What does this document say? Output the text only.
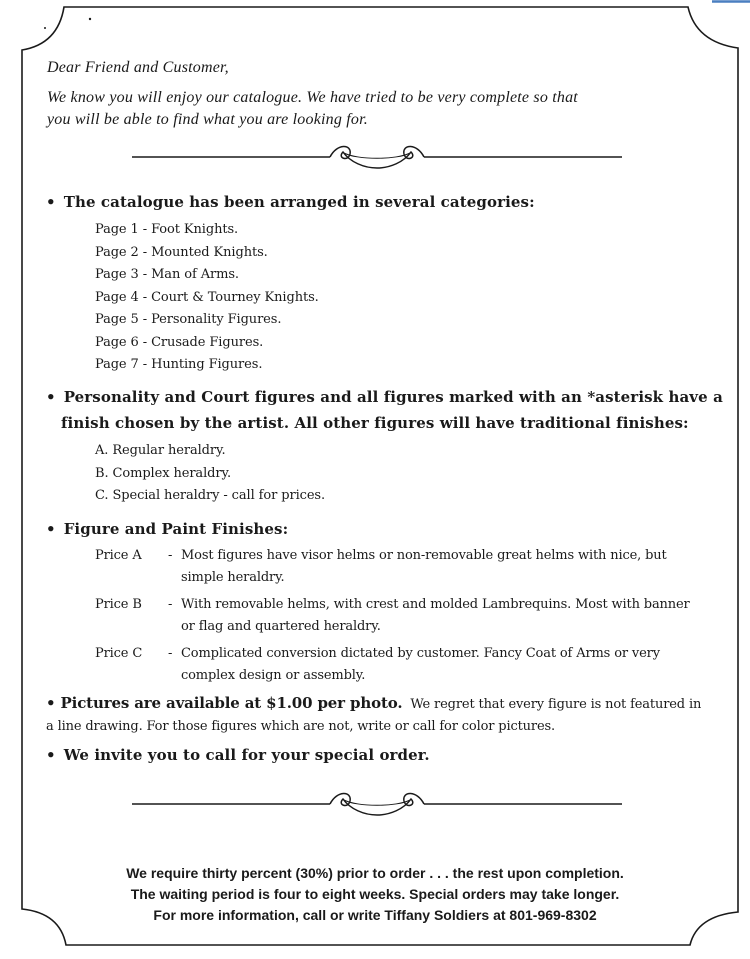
Dear Friend and Customer,

We know you will enjoy our catalogue. We have tried to be very complete so that

you will be able to find what you are looking for.

• The catalogue has been arranged in several categories:

Page 1 - Foot Knights.
Page 2 - Mounted Knights.
Page 3 - Man of Arms.
Page 4 - Court & Tourney Knights.
Page 5 - Personality Figures.
Page 6 - Crusade Figures.
Page 7 - Hunting Figures.

• Personality and Court figures and all figures marked with an *asterisk have a
finish chosen by the artist. All other figures will have traditional finishes:

A. Regular heraldry.
B. Complex heraldry.
C. Special heraldry - call for prices.

• Figure and Paint Finishes:

Price A	- Most figures have visor helms or non-removable great helms with nice, but simple heraldry.
Price B	- With removable helms, with crest and molded Lambrequins. Most with banner or flag and quartered heraldry.
Price C	- Complicated conversion dictated by customer. Fancy Coat of Arms or very complex design or assembly.

• Pictures are available at $1.00 per photo. We regret that every figure is not featured in a line drawing. For those figures which are not, write or call for color pictures.

• We invite you to call for your special order.

We require thirty percent (30%) prior to order . . . the rest upon completion.
The waiting period is four to eight weeks. Special orders may take longer.
For more information, call or write Tiffany Soldiers at 801-969-8302
